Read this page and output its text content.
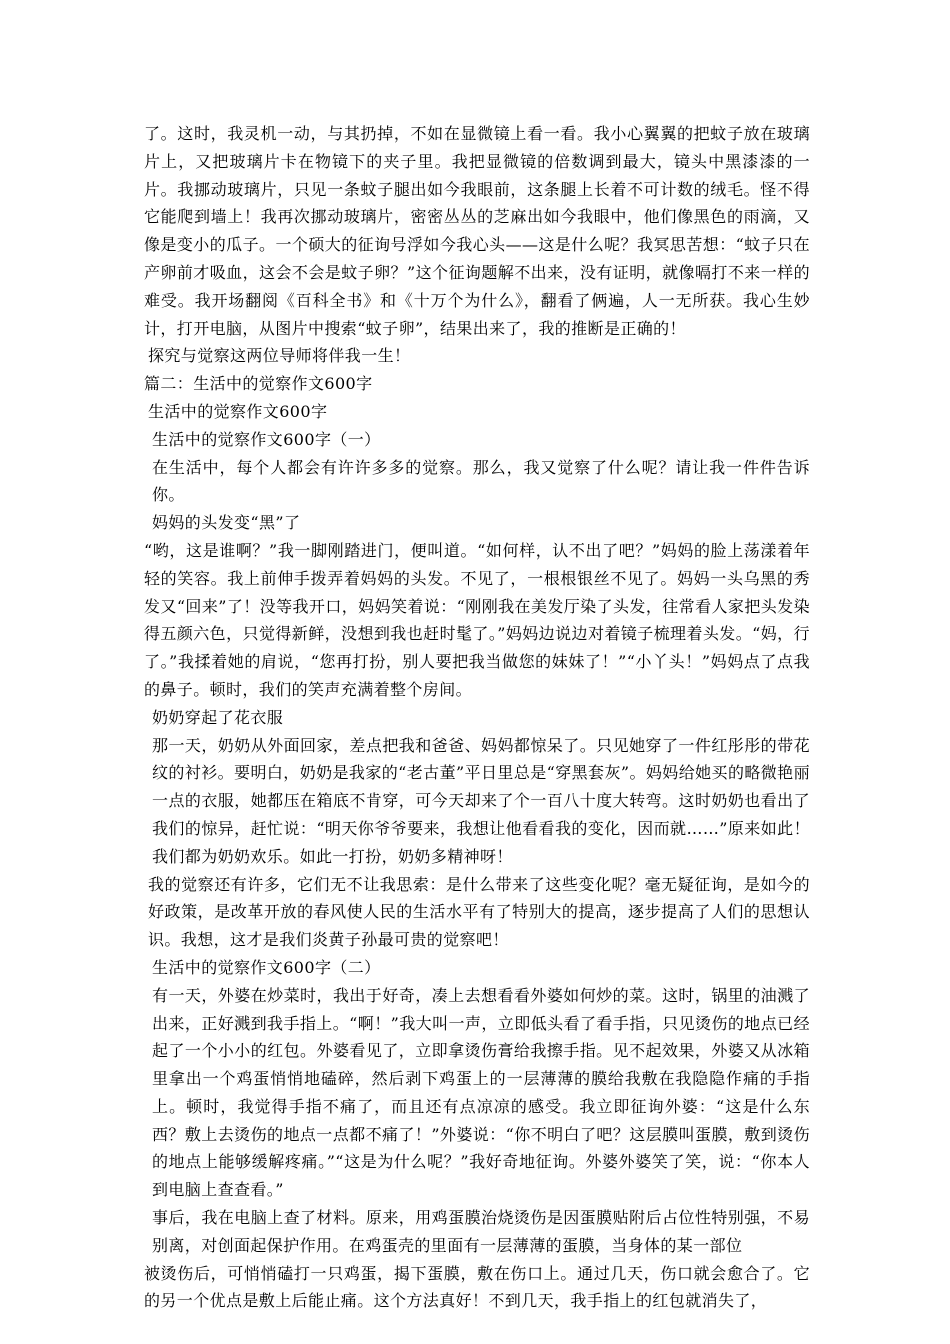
了。这时，我灵机一动，与其扔掉，不如在显微镜上看一看。我小心翼翼的把蚊子放在玻璃片上，又把玻璃片卡在物镜下的夹子里。我把显微镜的倍数调到最大，镜头中黑漆漆的一片。我挪动玻璃片，只见一条蚊子腿出如今我眼前，这条腿上长着不可计数的绒毛。怪不得它能爬到墙上！我再次挪动玻璃片，密密丛丛的芝麻出如今我眼中，他们像黑色的雨滴，又像是变小的瓜子。一个硕大的征询号浮如今我心头——这是什么呢？我冥思苦想：“蚊子只在产卵前才吸血，这会不会是蚊子卵？”这个征询题解不出来，没有证明，就像嗝打不来一样的难受。我开场翻阅《百科全书》和《十万个为什么》，翻看了俩遍，人一无所获。我心生妙计，打开电脑，从图片中搜索“蚊子卵”，结果出来了，我的推断是正确的！

探究与觉察这两位导师将伴我一生！

篇二：生活中的觉察作文600字

生活中的觉察作文600字

生活中的觉察作文600字（一）

在生活中，每个人都会有许许多多的觉察。那么，我又觉察了什么呢？请让我一件件告诉你。

妈妈的头发变“黑”了

“哟，这是谁啊？”我一脚刚踏进门，便叫道。“如何样，认不出了吧？”妈妈的脸上荡漾着年轻的笑容。我上前伸手拨弄着妈妈的头发。不见了，一根根银丝不见了。妈妈一头乌黑的秀发又“回来”了！没等我开口，妈妈笑着说：“刚刚我在美发厅染了头发，往常看人家把头发染得五颜六色，只觉得新鲜，没想到我也赶时髦了。”妈妈边说边对着镜子梳理着头发。“妈，行了。”我揉着她的肩说，“您再打扮，别人要把我当做您的妹妹了！”“小丫头！”妈妈点了点我的鼻子。顿时，我们的笑声充满着整个房间。

奶奶穿起了花衣服

那一天，奶奶从外面回家，差点把我和爸爸、妈妈都惊呆了。只见她穿了一件红彤彤的带花纹的衬衫。要明白，奶奶是我家的“老古董”平日里总是“穿黑套灰”。妈妈给她买的略微艳丽一点的衣服，她都压在箱底不肯穿，可今天却来了个一百八十度大转弯。这时奶奶也看出了我们的惊异，赶忙说：“明天你爷爷要来，我想让他看看我的变化，因而就……”原来如此！我们都为奶奶欢乐。如此一打扮，奶奶多精神呀！

我的觉察还有许多，它们无不让我思索：是什么带来了这些变化呢？毫无疑征询，是如今的好政策，是改革开放的春风使人民的生活水平有了特别大的提高，逐步提高了人们的思想认识。我想，这才是我们炎黄子孙最可贵的觉察吧！

生活中的觉察作文600字（二）

有一天，外婆在炒菜时，我出于好奇，凑上去想看看外婆如何炒的菜。这时，锅里的油溅了出来，正好溅到我手指上。“啊！”我大叫一声，立即低头看了看手指，只见烫伤的地点已经起了一个小小的红包。外婆看见了，立即拿烫伤膏给我擦手指。见不起效果，外婆又从冰箱里拿出一个鸡蛋悄悄地磕碎，然后剥下鸡蛋上的一层薄薄的膜给我敷在我隐隐作痛的手指上。顿时，我觉得手指不痛了，而且还有点凉凉的感受。我立即征询外婆：“这是什么东西？敷上去烫伤的地点一点都不痛了！”外婆说：“你不明白了吧？这层膜叫蛋膜，敷到烫伤的地点上能够缓解疼痛。”“这是为什么呢？”我好奇地征询。外婆外婆笑了笑，说：“你本人到电脑上查查看。”

事后，我在电脑上查了材料。原来，用鸡蛋膜治烧烫伤是因蛋膜贴附后占位性特别强，不易别离，对创面起保护作用。在鸡蛋壳的里面有一层薄薄的蛋膜，当身体的某一部位

被烫伤后，可悄悄磕打一只鸡蛋，揭下蛋膜，敷在伤口上。通过几天，伤口就会愈合了。它的另一个优点是敷上后能止痛。这个方法真好！不到几天，我手指上的红包就消失了，
